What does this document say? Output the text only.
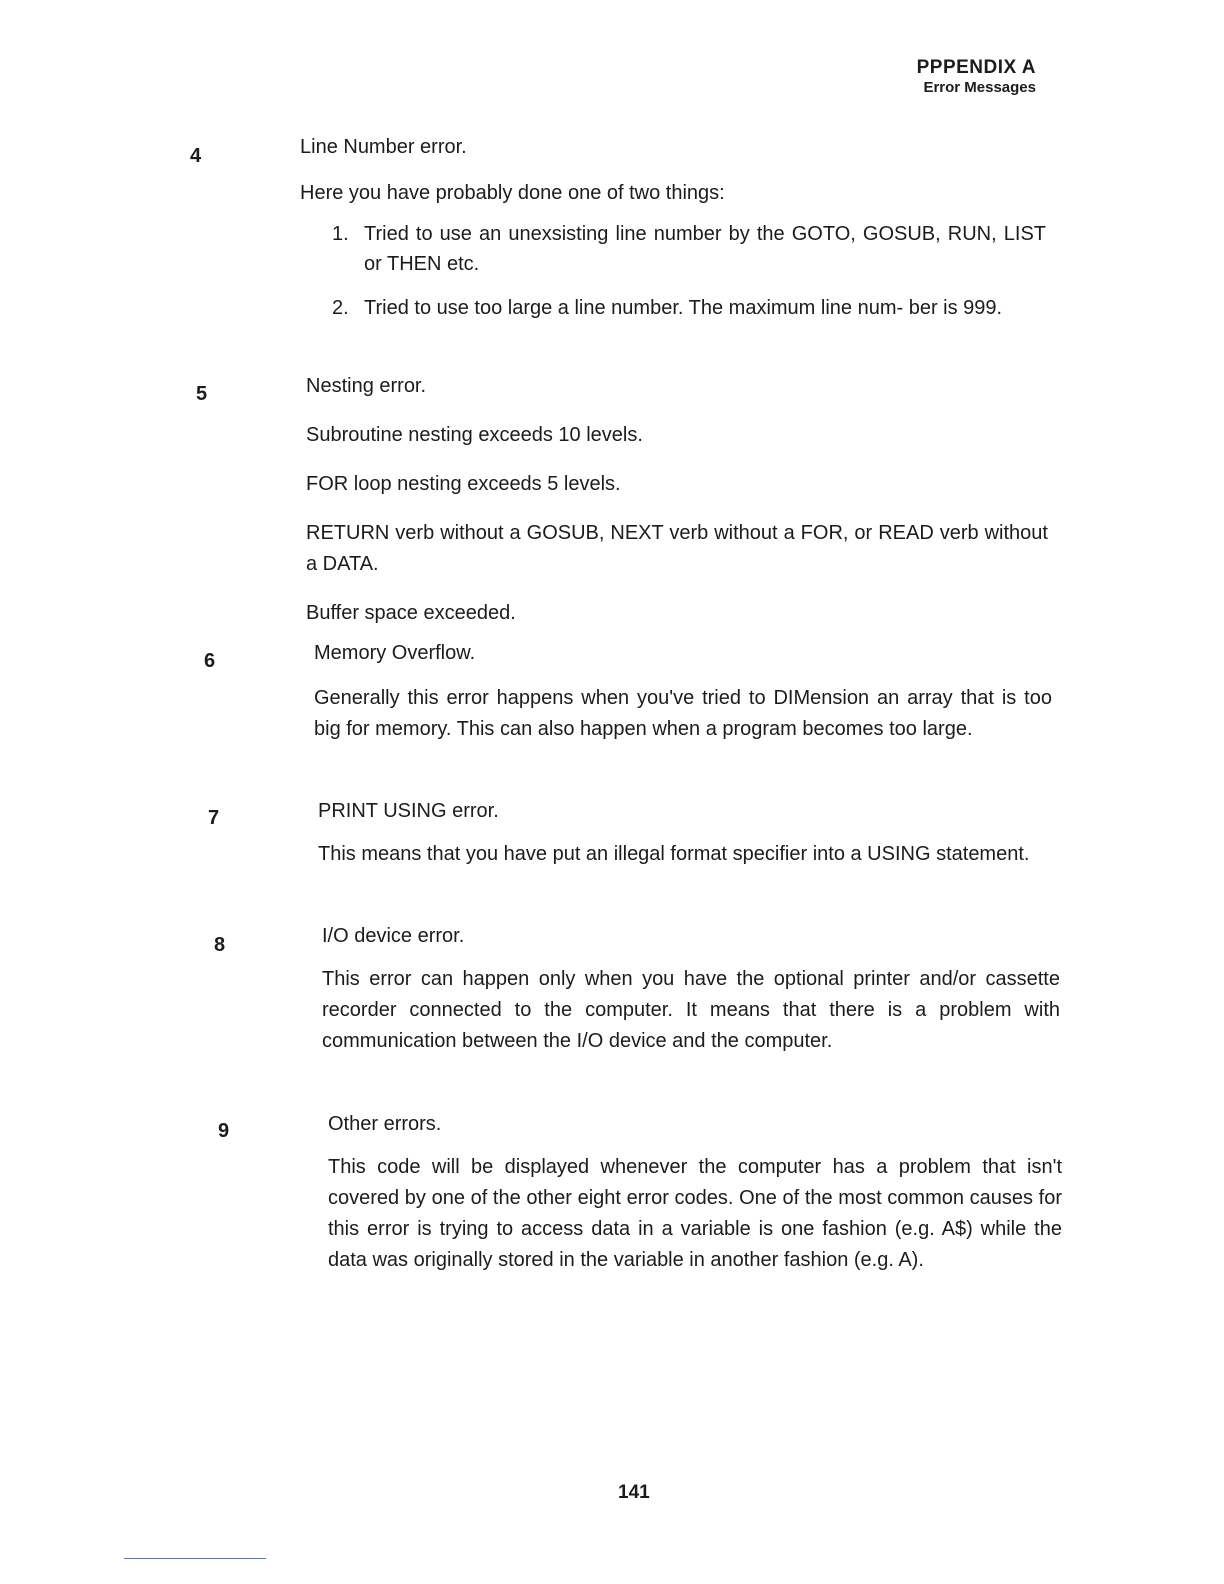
PPPENDIX A
Error Messages
4	Line Number error.
Here you have probably done one of two things:
1. Tried to use an unexsisting line number by the GOTO, GOSUB, RUN, LIST or THEN etc.
2. Tried to use too large a line number. The maximum line num- ber is 999.
5	Nesting error.
Subroutine nesting exceeds 10 levels.
FOR loop nesting exceeds 5 levels.
RETURN verb without a GOSUB, NEXT verb without a FOR, or READ verb without a DATA.
Buffer space exceeded.
6	Memory Overflow.
Generally this error happens when you've tried to DIMension an array that is too big for memory. This can also happen when a program becomes too large.
7	PRINT USING error.
This means that you have put an illegal format specifier into a USING statement.
8	I/O device error.
This error can happen only when you have the optional printer and/or cassette recorder connected to the computer. It means that there is a problem with communication between the I/O device and the computer.
9	Other errors.
This code will be displayed whenever the computer has a problem that isn't covered by one of the other eight error codes. One of the most common causes for this error is trying to access data in a variable is one fashion (e.g. A$) while the data was originally stored in the variable in another fashion (e.g. A).
141
